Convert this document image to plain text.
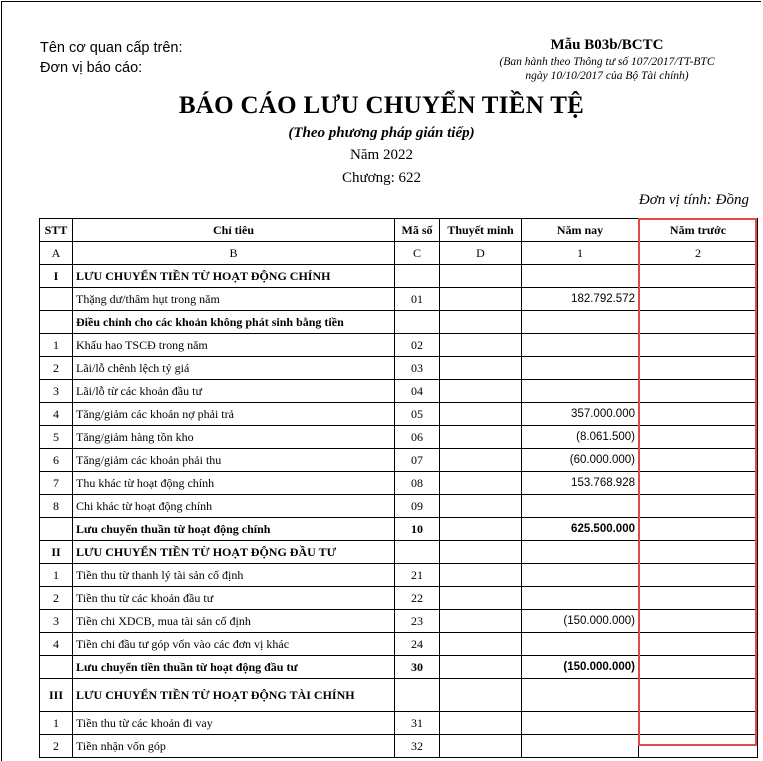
Tên cơ quan cấp trên:
Đơn vị báo cáo:
Mẫu B03b/BCTC
(Ban hành theo Thông tư số 107/2017/TT-BTC
ngày 10/10/2017 của Bộ Tài chính)
BÁO CÁO LƯU CHUYỂN TIỀN TỆ
(Theo phương pháp gián tiếp)
Năm 2022
Chương: 622
Đơn vị tính: Đồng
STT	Chỉ tiêu	Mã số	Thuyết minh	Năm nay	Năm trước
A	B	C	D	1	2
I	LƯU CHUYỂN TIỀN TỪ HOẠT ĐỘNG CHÍNH				
	Thặng dư/thâm hụt trong năm	01		182.792.572	
	Điều chỉnh cho các khoản không phát sinh bằng tiền				
1	Khấu hao TSCĐ trong năm	02			
2	Lãi/lỗ chênh lệch tỷ giá	03			
3	Lãi/lỗ từ các khoản đầu tư	04			
4	Tăng/giảm các khoản nợ phải trả	05		357.000.000	
5	Tăng/giảm hàng tồn kho	06		(8.061.500)	
6	Tăng/giảm các khoản phải thu	07		(60.000.000)	
7	Thu khác từ hoạt động chính	08		153.768.928	
8	Chi khác từ hoạt động chính	09			
	Lưu chuyển thuần từ hoạt động chính	10		625.500.000	
II	LƯU CHUYỂN TIỀN TỪ HOẠT ĐỘNG ĐẦU TƯ				
1	Tiền thu từ thanh lý tài sản cố định	21			
2	Tiền thu từ các khoản đầu tư	22			
3	Tiền chi XDCB, mua tài sản cố định	23		(150.000.000)	
4	Tiền chi đầu tư góp vốn vào các đơn vị khác	24			
	Lưu chuyển tiền thuần từ hoạt động đầu tư	30		(150.000.000)	
III	LƯU CHUYỂN TIỀN TỪ HOẠT ĐỘNG TÀI CHÍNH				
1	Tiền thu từ các khoản đi vay	31			
2	Tiền nhận vốn góp	32			
